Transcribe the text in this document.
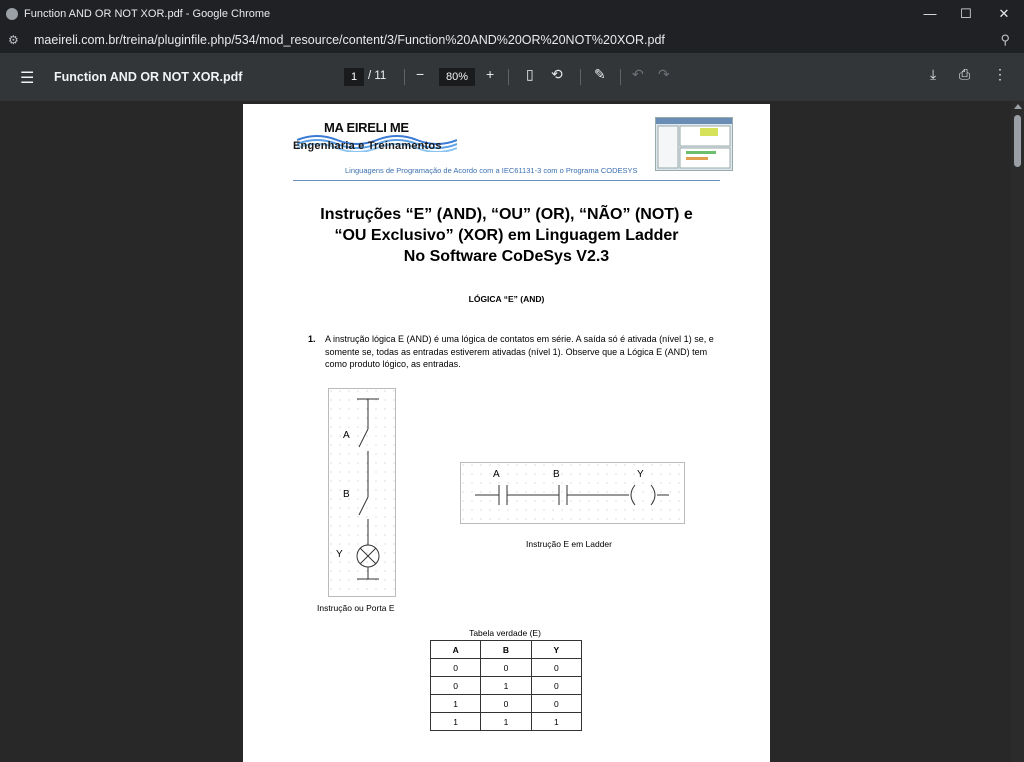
Function AND OR NOT XOR.pdf - Google Chrome	—	☐	✕
⚙	maeireli.com.br/treina/pluginfile.php/534/mod_resource/content/3/Function%20AND%20OR%20NOT%20XOR.pdf	⚲
☰ Function AND OR NOT XOR.pdf	1 / 11 −	80%	+ ▯ ⟲ ✎ ↶ ↷	⤓ ⎙ ⋮
MA EIRELI ME
Engenharia e Treinamentos
Linguagens de Programação de Acordo com a IEC61131-3 com o Programa CODESYS
Instruções “E” (AND), “OU” (OR), “NÃO” (NOT) e
“OU Exclusivo” (XOR) em Linguagem Ladder
No Software CoDeSys V2.3
LÓGICA “E” (AND)
1. A instrução lógica E (AND) é uma lógica de contatos em série. A saída só é ativada (nível 1) se, e somente se, todas as entradas estiverem ativadas (nível 1). Observe que a Lógica E (AND) tem como produto lógico, as entradas.
A
B
Y
Instrução ou Porta E
A	B	Y
Instrução E em Ladder
Tabela verdade (E)
A	B	Y
0	0	0
0	1	0
1	0	0
1	1	1
